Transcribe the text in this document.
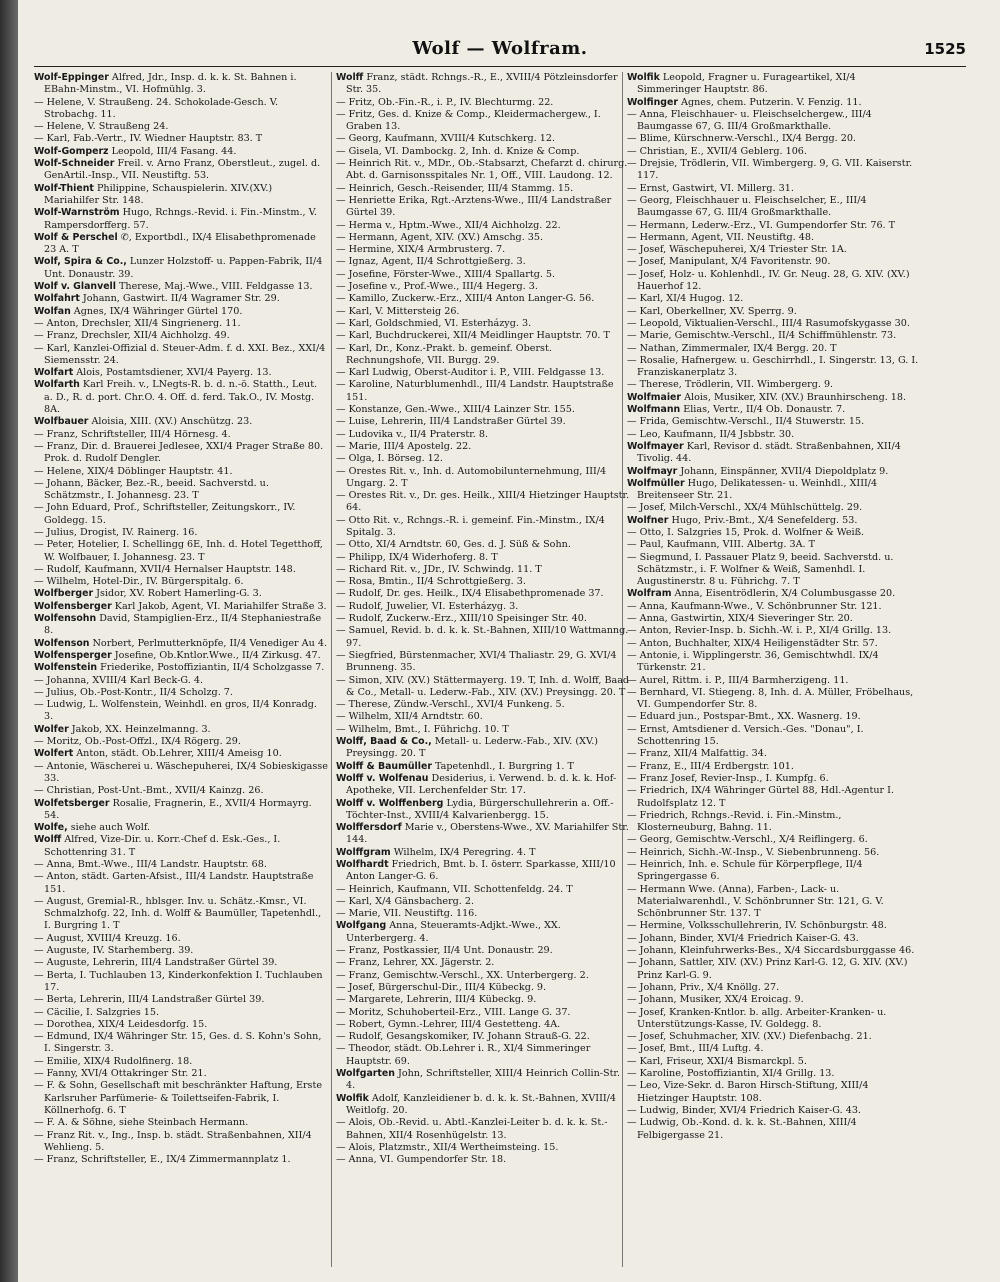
Wolf — Wolfram.	1525
Wolf-Eppinger Alfred, Jdr., Insp. d. k. k. St. Bahnen i. EBahn-Minstm., VI. Hofmühlg. 3.
— Helene, V. Straußeng. 24. Schokolade-Gesch. V. Strobachg. 11.
— Helene, V. Straußeng 24.
— Karl, Fab.-Vertr., IV. Wiedner Hauptstr. 83. T
Wolf-Gomperz Leopold, III/4 Fasang. 44.
Wolf-Schneider Freil. v. Arno Franz, Oberstleut., zugel. d. GenArtil.-Insp., VII. Neustiftg. 53.
Wolf-Thient Philippine, Schauspielerin. XIV.(XV.) Mariahilfer Str. 148.
Wolf-Warnström Hugo, Rchngs.-Revid. i. Fin.-Minstm., V. Rampersdorfferg. 57.
Wolf & Perschel ✆, Exportbdl., IX/4 Elisabethpromenade 23 A. T
Wolf, Spira & Co., Lunzer Holzstoff- u. Pappen-Fabrik, II/4 Unt. Donaustr. 39.
Wolf v. Glanvell Therese, Maj.-Wwe., VIII. Feldgasse 13.
Wolfahrt Johann, Gastwirt. II/4 Wagramer Str. 29.
Wolfan Agnes, IX/4 Währinger Gürtel 170.
— Anton, Drechsler, XII/4 Singrienerg. 11.
— Franz, Drechsler, XII/4 Aichholzg. 49.
— Karl, Kanzlei-Offizial d. Steuer-Adm. f. d. XXI. Bez., XXI/4 Siemensstr. 24.
Wolfart Alois, Postamtsdiener, XVI/4 Payerg. 13.
Wolfarth Karl Freih. v., LNegts-R. b. d. n.-ö. Statth., Leut. a. D., R. d. port. Chr.O. 4. Off. d. ferd. Tak.O., IV. Mostg. 8A.
Wolfbauer Aloisia, XIII. (XV.) Anschützg. 23.
— Franz, Schriftsteller, III/4 Hörnesg. 4.
— Franz, Dir. d. Brauerei Jedlesee, XXI/4 Prager Straße 80. Prok. d. Rudolf Dengler.
— Helene, XIX/4 Döblinger Hauptstr. 41.
— Johann, Bäcker, Bez.-R., beeid. Sachverstd. u. Schätzmstr., I. Johannesg. 23. T
— John Eduard, Prof., Schriftsteller, Zeitungskorr., IV. Goldegg. 15.
— Julius, Drogist, IV. Rainerg. 16.
— Peter, Hotelier, I. Schellingg 6E, Inh. d. Hotel Tegetthoff, W. Wolfbauer, I. Johannesg. 23. T
— Rudolf, Kaufmann, XVII/4 Hernalser Hauptstr. 148.
— Wilhelm, Hotel-Dir., IV. Bürgerspitalg. 6.
Wolfberger Jsidor, XV. Robert Hamerling-G. 3.
Wolfensberger Karl Jakob, Agent, VI. Mariahilfer Straße 3.
Wolfensohn David, Stampiglien-Erz., II/4 Stephaniestraße 8.
Wolfenson Norbert, Perlmutterknöpfe, II/4 Venediger Au 4.
Wolfensperger Josefine, Ob.Kntlor.Wwe., II/4 Zirkusg. 47.
Wolfenstein Friederike, Postoffiziantin, II/4 Scholzgasse 7.
— Johanna, XVIII/4 Karl Beck-G. 4.
— Julius, Ob.-Post-Kontr., II/4 Scholzg. 7.
— Ludwig, L. Wolfenstein, Weinhdl. en gros, II/4 Konradg. 3.
Wolfer Jakob, XX. Heinzelmanng. 3.
— Moritz, Ob.-Post-Offzl., IX/4 Rögerg. 29.
Wolfert Anton, städt. Ob.Lehrer, XIII/4 Ameisg 10.
— Antonie, Wäscherei u. Wäschepuherei, IX/4 Sobieskigasse 33.
— Christian, Post-Unt.-Bmt., XVII/4 Kainzg. 26.
Wolfetsberger Rosalie, Fragnerin, E., XVII/4 Hormayrg. 54.
Wolfe, siehe auch Wolf.
Wolff Alfred, Vize-Dir. u. Korr.-Chef d. Esk.-Ges., I. Schottenring 31. T
— Anna, Bmt.-Wwe., III/4 Landstr. Hauptstr. 68.
— Anton, städt. Garten-Afsist., III/4 Landstr. Hauptstraße 151.
— August, Gremial-R., hblsger. Inv. u. Schätz.-Kmsr., VI. Schmalzhofg. 22, Inh. d. Wolff & Baumüller, Tapetenhdl., I. Burgring 1. T
— August, XVIII/4 Kreuzg. 16.
— Auguste, IV. Starhemberg. 39.
— Auguste, Lehrerin, III/4 Landstraßer Gürtel 39.
— Berta, I. Tuchlauben 13, Kinderkonfektion I. Tuchlauben 17.
— Berta, Lehrerin, III/4 Landstraßer Gürtel 39.
— Cäcilie, I. Salzgries 15.
— Dorothea, XIX/4 Leidesdorfg. 15.
— Edmund, IX/4 Währinger Str. 15, Ges. d. S. Kohn's Sohn, I. Singerstr. 3.
— Emilie, XIX/4 Rudolfinerg. 18.
— Fanny, XVI/4 Ottakringer Str. 21.
— F. & Sohn, Gesellschaft mit beschränkter Haftung, Erste Karlsruher Parfümerie- & Toilettseifen-Fabrik, I. Köllnerhofg. 6. T
— F. A. & Söhne, siehe Steinbach Hermann.
— Franz Rit. v., Ing., Insp. b. städt. Straßenbahnen, XII/4 Wehlieng. 5.
— Franz, Schriftsteller, E., IX/4 Zimmermannplatz 1.
Wolff Franz, städt. Rchngs.-R., E., XVIII/4 Pötzleinsdorfer Str. 35.
— Fritz, Ob.-Fin.-R., i. P., IV. Blechturmg. 22.
— Fritz, Ges. d. Knize & Comp., Kleidermachergew., I. Graben 13.
— Georg, Kaufmann, XVIII/4 Kutschkerg. 12.
— Gisela, VI. Dambockg. 2, Inh. d. Knize & Comp.
— Heinrich Rit. v., MDr., Ob.-Stabsarzt, Chefarzt d. chirurg. Abt. d. Garnisonsspitales Nr. 1, Off., VIII. Laudong. 12.
— Heinrich, Gesch.-Reisender, III/4 Stammg. 15.
— Henriette Erika, Rgt.-Arztens-Wwe., III/4 Landstraßer Gürtel 39.
— Herma v., Hptm.-Wwe., XII/4 Aichholzg. 22.
— Hermann, Agent, XIV. (XV.) Amschg. 35.
— Hermine, XIX/4 Armbrusterg. 7.
— Ignaz, Agent, II/4 Schrottgießerg. 3.
— Josefine, Förster-Wwe., XIII/4 Spallartg. 5.
— Josefine v., Prof.-Wwe., III/4 Hegerg. 3.
— Kamillo, Zuckerw.-Erz., XIII/4 Anton Langer-G. 56.
— Karl, V. Mittersteig 26.
— Karl, Goldschmied, VI. Esterházyg. 3.
— Karl, Buchdruckerei, XII/4 Meidlinger Hauptstr. 70. T
— Karl, Dr., Konz.-Prakt. b. gemeinf. Oberst. Rechnungshofe, VII. Burgg. 29.
— Karl Ludwig, Oberst-Auditor i. P., VIII. Feldgasse 13.
— Karoline, Naturblumenhdl., III/4 Landstr. Hauptstraße 151.
— Konstanze, Gen.-Wwe., XIII/4 Lainzer Str. 155.
— Luise, Lehrerin, III/4 Landstraßer Gürtel 39.
— Ludovika v., II/4 Praterstr. 8.
— Marie, III/4 Apostelg. 22.
— Olga, I. Börseg. 12.
— Orestes Rit. v., Inh. d. Automobilunternehmung, III/4 Ungarg. 2. T
— Orestes Rit. v., Dr. ges. Heilk., XIII/4 Hietzinger Hauptstr. 64.
— Otto Rit. v., Rchngs.-R. i. gemeinf. Fin.-Minstm., IX/4 Spitalg. 3.
— Otto, XI/4 Arndtstr. 60, Ges. d. J. Süß & Sohn.
— Philipp, IX/4 Widerhoferg. 8. T
— Richard Rit. v., JDr., IV. Schwindg. 11. T
— Rosa, Bmtin., II/4 Schrottgießerg. 3.
— Rudolf, Dr. ges. Heilk., IX/4 Elisabethpromenade 37.
— Rudolf, Juwelier, VI. Esterházyg. 3.
— Rudolf, Zuckerw.-Erz., XIII/10 Speisinger Str. 40.
— Samuel, Revid. b. d. k. k. St.-Bahnen, XIII/10 Wattmanng. 97.
— Siegfried, Bürstenmacher, XVI/4 Thaliastr. 29, G. XVI/4 Brunneng. 35.
— Simon, XIV. (XV.) Stättermayerg. 19. T, Inh. d. Wolff, Baad & Co., Metall- u. Lederw.-Fab., XIV. (XV.) Preysingg. 20. T
— Therese, Zündw.-Verschl., XVI/4 Funkeng. 5.
— Wilhelm, XII/4 Arndtstr. 60.
— Wilhelm, Bmt., I. Führichg. 10. T
Wolff, Baad & Co., Metall- u. Lederw.-Fab., XIV. (XV.) Preysingg. 20. T
Wolff & Baumüller Tapetenhdl., I. Burgring 1. T
Wolff v. Wolfenau Desiderius, i. Verwend. b. d. k. k. Hof-Apotheke, VII. Lerchenfelder Str. 17.
Wolff v. Wolffenberg Lydia, Bürgerschullehrerin a. Off.-Töchter-Inst., XVIII/4 Kalvarienbergg. 15.
Wolffersdorf Marie v., Oberstens-Wwe., XV. Mariahilfer Str. 144.
Wolffgram Wilhelm, IX/4 Peregring. 4. T
Wolfhardt Friedrich, Bmt. b. I. österr. Sparkasse, XIII/10 Anton Langer-G. 6.
— Heinrich, Kaufmann, VII. Schottenfeldg. 24. T
— Karl, X/4 Gänsbacherg. 2.
— Marie, VII. Neustiftg. 116.
Wolfgang Anna, Steueramts-Adjkt.-Wwe., XX. Unterbergerg. 4.
— Franz, Postkassier, II/4 Unt. Donaustr. 29.
— Franz, Lehrer, XX. Jägerstr. 2.
— Franz, Gemischtw.-Verschl., XX. Unterbergerg. 2.
— Josef, Bürgerschul-Dir., III/4 Kübeckg. 9.
— Margarete, Lehrerin, III/4 Kübeckg. 9.
— Moritz, Schuhoberteil-Erz., VIII. Lange G. 37.
— Robert, Gymn.-Lehrer, III/4 Gestetteng. 4A.
— Rudolf, Gesangskomiker, IV. Johann Strauß-G. 22.
— Theodor, städt. Ob.Lehrer i. R., XI/4 Simmeringer Hauptstr. 69.
Wolfgarten John, Schriftsteller, XIII/4 Heinrich Collin-Str. 4.
Wolfik Adolf, Kanzleidiener b. d. k. k. St.-Bahnen, XVIII/4 Weitlofg. 20.
— Alois, Ob.-Revid. u. Abtl.-Kanzlei-Leiter b. d. k. k. St.-Bahnen, XII/4 Rosenhügelstr. 13.
— Alois, Platzmstr., XII/4 Wertheimsteing. 15.
— Anna, VI. Gumpendorfer Str. 18.
Wolfik Leopold, Fragner u. Furageartikel, XI/4 Simmeringer Hauptstr. 86.
Wolfinger Agnes, chem. Putzerin. V. Fenzig. 11.
— Anna, Fleischhauer- u. Fleischselchergew., III/4 Baumgasse 67, G. III/4 Großmarkthalle.
— Blime, Kürschnerw.-Verschl., IX/4 Bergg. 20.
— Christian, E., XVII/4 Geblerg. 106.
— Drejsie, Trödlerin, VII. Wimbergerg. 9, G. VII. Kaiserstr. 117.
— Ernst, Gastwirt, VI. Millerg. 31.
— Georg, Fleischhauer u. Fleischselcher, E., III/4 Baumgasse 67, G. III/4 Großmarkthalle.
— Hermann, Lederw.-Erz., VI. Gumpendorfer Str. 76. T
— Hermann, Agent, VII. Neustiftg. 48.
— Josef, Wäschepuherei, X/4 Triester Str. 1A.
— Josef, Manipulant, X/4 Favoritenstr. 90.
— Josef, Holz- u. Kohlenhdl., IV. Gr. Neug. 28, G. XIV. (XV.) Hauerhof 12.
— Karl, XI/4 Hugog. 12.
— Karl, Oberkellner, XV. Sperrg. 9.
— Leopold, Viktualien-Verschl., III/4 Rasumofskygasse 30.
— Marie, Gemischtw.-Verschl., II/4 Schiffmühlenstr. 73.
— Nathan, Zimmermaler, IX/4 Bergg. 20. T
— Rosalie, Hafnergew. u. Geschirrhdl., I. Singerstr. 13, G. I. Franziskanerplatz 3.
— Therese, Trödlerin, VII. Wimbergerg. 9.
Wolfmaier Alois, Musiker, XIV. (XV.) Braunhirscheng. 18.
Wolfmann Elias, Vertr., II/4 Ob. Donaustr. 7.
— Frida, Gemischtw.-Verschl., II/4 Stuwerstr. 15.
— Leo, Kaufmann, II/4 Jsbbstr. 30.
Wolfmayer Karl, Revisor d. städt. Straßenbahnen, XII/4 Tivolig. 44.
Wolfmayr Johann, Einspänner, XVII/4 Diepoldplatz 9.
Wolfmüller Hugo, Delikatessen- u. Weinhdl., XIII/4 Breitenseer Str. 21.
— Josef, Milch-Verschl., XX/4 Mühlschüttelg. 29.
Wolfner Hugo, Priv.-Bmt., X/4 Senefelderg. 53.
— Otto, I. Salzgries 15, Prok. d. Wolfner & Weiß.
— Paul, Kaufmann, VIII. Albertg. 3A. T
— Siegmund, I. Passauer Platz 9, beeid. Sachverstd. u. Schätzmstr., i. F. Wolfner & Weiß, Samenhdl. I. Augustinerstr. 8 u. Führichg. 7. T
Wolfram Anna, Eisentrödlerin, X/4 Columbusgasse 20.
— Anna, Kaufmann-Wwe., V. Schönbrunner Str. 121.
— Anna, Gastwirtin, XIX/4 Sieveringer Str. 20.
— Anton, Revier-Insp. b. Sichh.-W. i. P., XI/4 Grillg. 13.
— Anton, Buchhalter, XIX/4 Heiligenstädter Str. 57.
— Antonie, i. Wipplingerstr. 36, Gemischtwhdl. IX/4 Türkenstr. 21.
— Aurel, Rittm. i. P., III/4 Barmherzigeng. 11.
— Bernhard, VI. Stiegeng. 8, Inh. d. A. Müller, Fröbelhaus, VI. Gumpendorfer Str. 8.
— Eduard jun., Postspar-Bmt., XX. Wasnerg. 19.
— Ernst, Amtsdiener d. Versich.-Ges. "Donau", I. Schottenring 15.
— Franz, XII/4 Malfattig. 34.
— Franz, E., III/4 Erdbergstr. 101.
— Franz Josef, Revier-Insp., I. Kumpfg. 6.
— Friedrich, IX/4 Währinger Gürtel 88, Hdl.-Agentur I. Rudolfsplatz 12. T
— Friedrich, Rchngs.-Revid. i. Fin.-Minstm., Klosterneuburg, Bahng. 11.
— Georg, Gemischtw.-Verschl., X/4 Reiflingerg. 6.
— Heinrich, Sichh.-W.-Insp., V. Siebenbrunneng. 56.
— Heinrich, Inh. e. Schule für Körperpflege, II/4 Springergasse 6.
— Hermann Wwe. (Anna), Farben-, Lack- u. Materialwarenhdl., V. Schönbrunner Str. 121, G. V. Schönbrunner Str. 137. T
— Hermine, Volksschullehrerin, IV. Schönburgstr. 48.
— Johann, Binder, XVI/4 Friedrich Kaiser-G. 43.
— Johann, Kleinfuhrwerks-Bes., X/4 Siccardsburggasse 46.
— Johann, Sattler, XIV. (XV.) Prinz Karl-G. 12, G. XIV. (XV.) Prinz Karl-G. 9.
— Johann, Priv., X/4 Knöllg. 27.
— Johann, Musiker, XX/4 Eroicag. 9.
— Josef, Kranken-Kntlor. b. allg. Arbeiter-Kranken- u. Unterstützungs-Kasse, IV. Goldegg. 8.
— Josef, Schuhmacher, XIV. (XV.) Diefenbachg. 21.
— Josef, Bmt., III/4 Luftg. 4.
— Karl, Friseur, XXI/4 Bismarckpl. 5.
— Karoline, Postoffiziantin, XI/4 Grillg. 13.
— Leo, Vize-Sekr. d. Baron Hirsch-Stiftung, XIII/4 Hietzinger Hauptstr. 108.
— Ludwig, Binder, XVI/4 Friedrich Kaiser-G. 43.
— Ludwig, Ob.-Kond. d. k. k. St.-Bahnen, XIII/4 Felbigergasse 21.
